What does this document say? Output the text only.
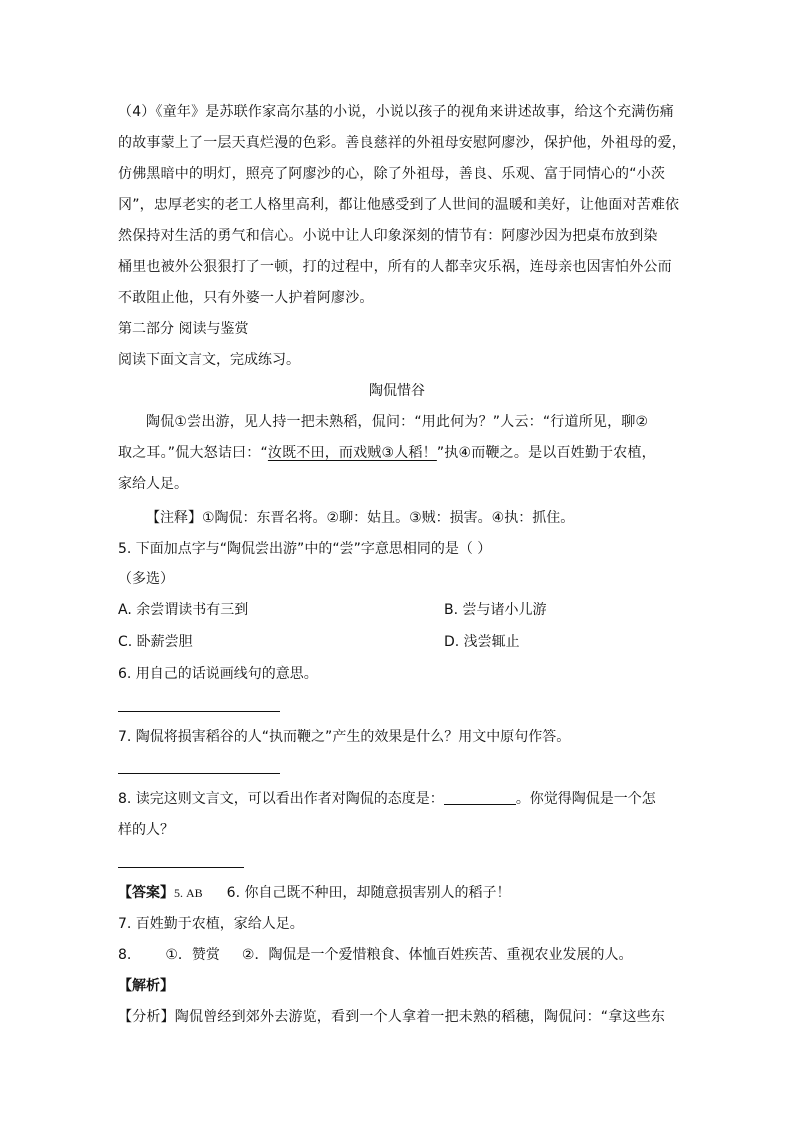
（4）《童年》是苏联作家高尔基的小说，小说以孩子的视角来讲述故事，给这个充满伤痛
的故事蒙上了一层天真烂漫的色彩。善良慈祥的外祖母安慰阿廖沙，保护他，外祖母的爱，
仿佛黑暗中的明灯，照亮了阿廖沙的心，除了外祖母，善良、乐观、富于同情心的“小茨
冈”，忠厚老实的老工人格里高利，都让他感受到了人世间的温暖和美好，让他面对苦难依
然保持对生活的勇气和信心。小说中让人印象深刻的情节有：阿廖沙因为把桌布放到染
桶里也被外公狠狠打了一顿，打的过程中，所有的人都幸灾乐祸，连母亲也因害怕外公而
不敢阻止他，只有外婆一人护着阿廖沙。
第二部分 阅读与鉴赏
阅读下面文言文，完成练习。
陶侃惜谷
陶侃①尝出游，见人持一把未熟稻，侃问：“用此何为？”人云：“行道所见，聊②
取之耳。”侃大怒诘曰：“汝既不田，而戏贼③人稻！”执④而鞭之。是以百姓勤于农植，
家给人足。
【注释】①陶侃：东晋名将。②聊：姑且。③贼：损害。④执：抓住。
5. 下面加点字与“陶侃尝出游”中的“尝”字意思相同的是（ ）
（多选）
A. 余尝谓读书有三到	B. 尝与诸小儿游
C. 卧薪尝胆	D. 浅尝辄止
6. 用自己的话说画线句的意思。
7. 陶侃将损害稻谷的人“执而鞭之”产生的效果是什么？用文中原句作答。
8. 读完这则文言文，可以看出作者对陶侃的态度是：	。你觉得陶侃是一个怎
样的人？
【答案】5. AB 6. 你自己既不种田，却随意损害别人的稻子！
7. 百姓勤于农植，家给人足。
8. ①．赞赏 ②．陶侃是一个爱惜粮食、体恤百姓疾苦、重视农业发展的人。
【解析】
【分析】陶侃曾经到郊外去游览，看到一个人拿着一把未熟的稻穗，陶侃问：“拿这些东
